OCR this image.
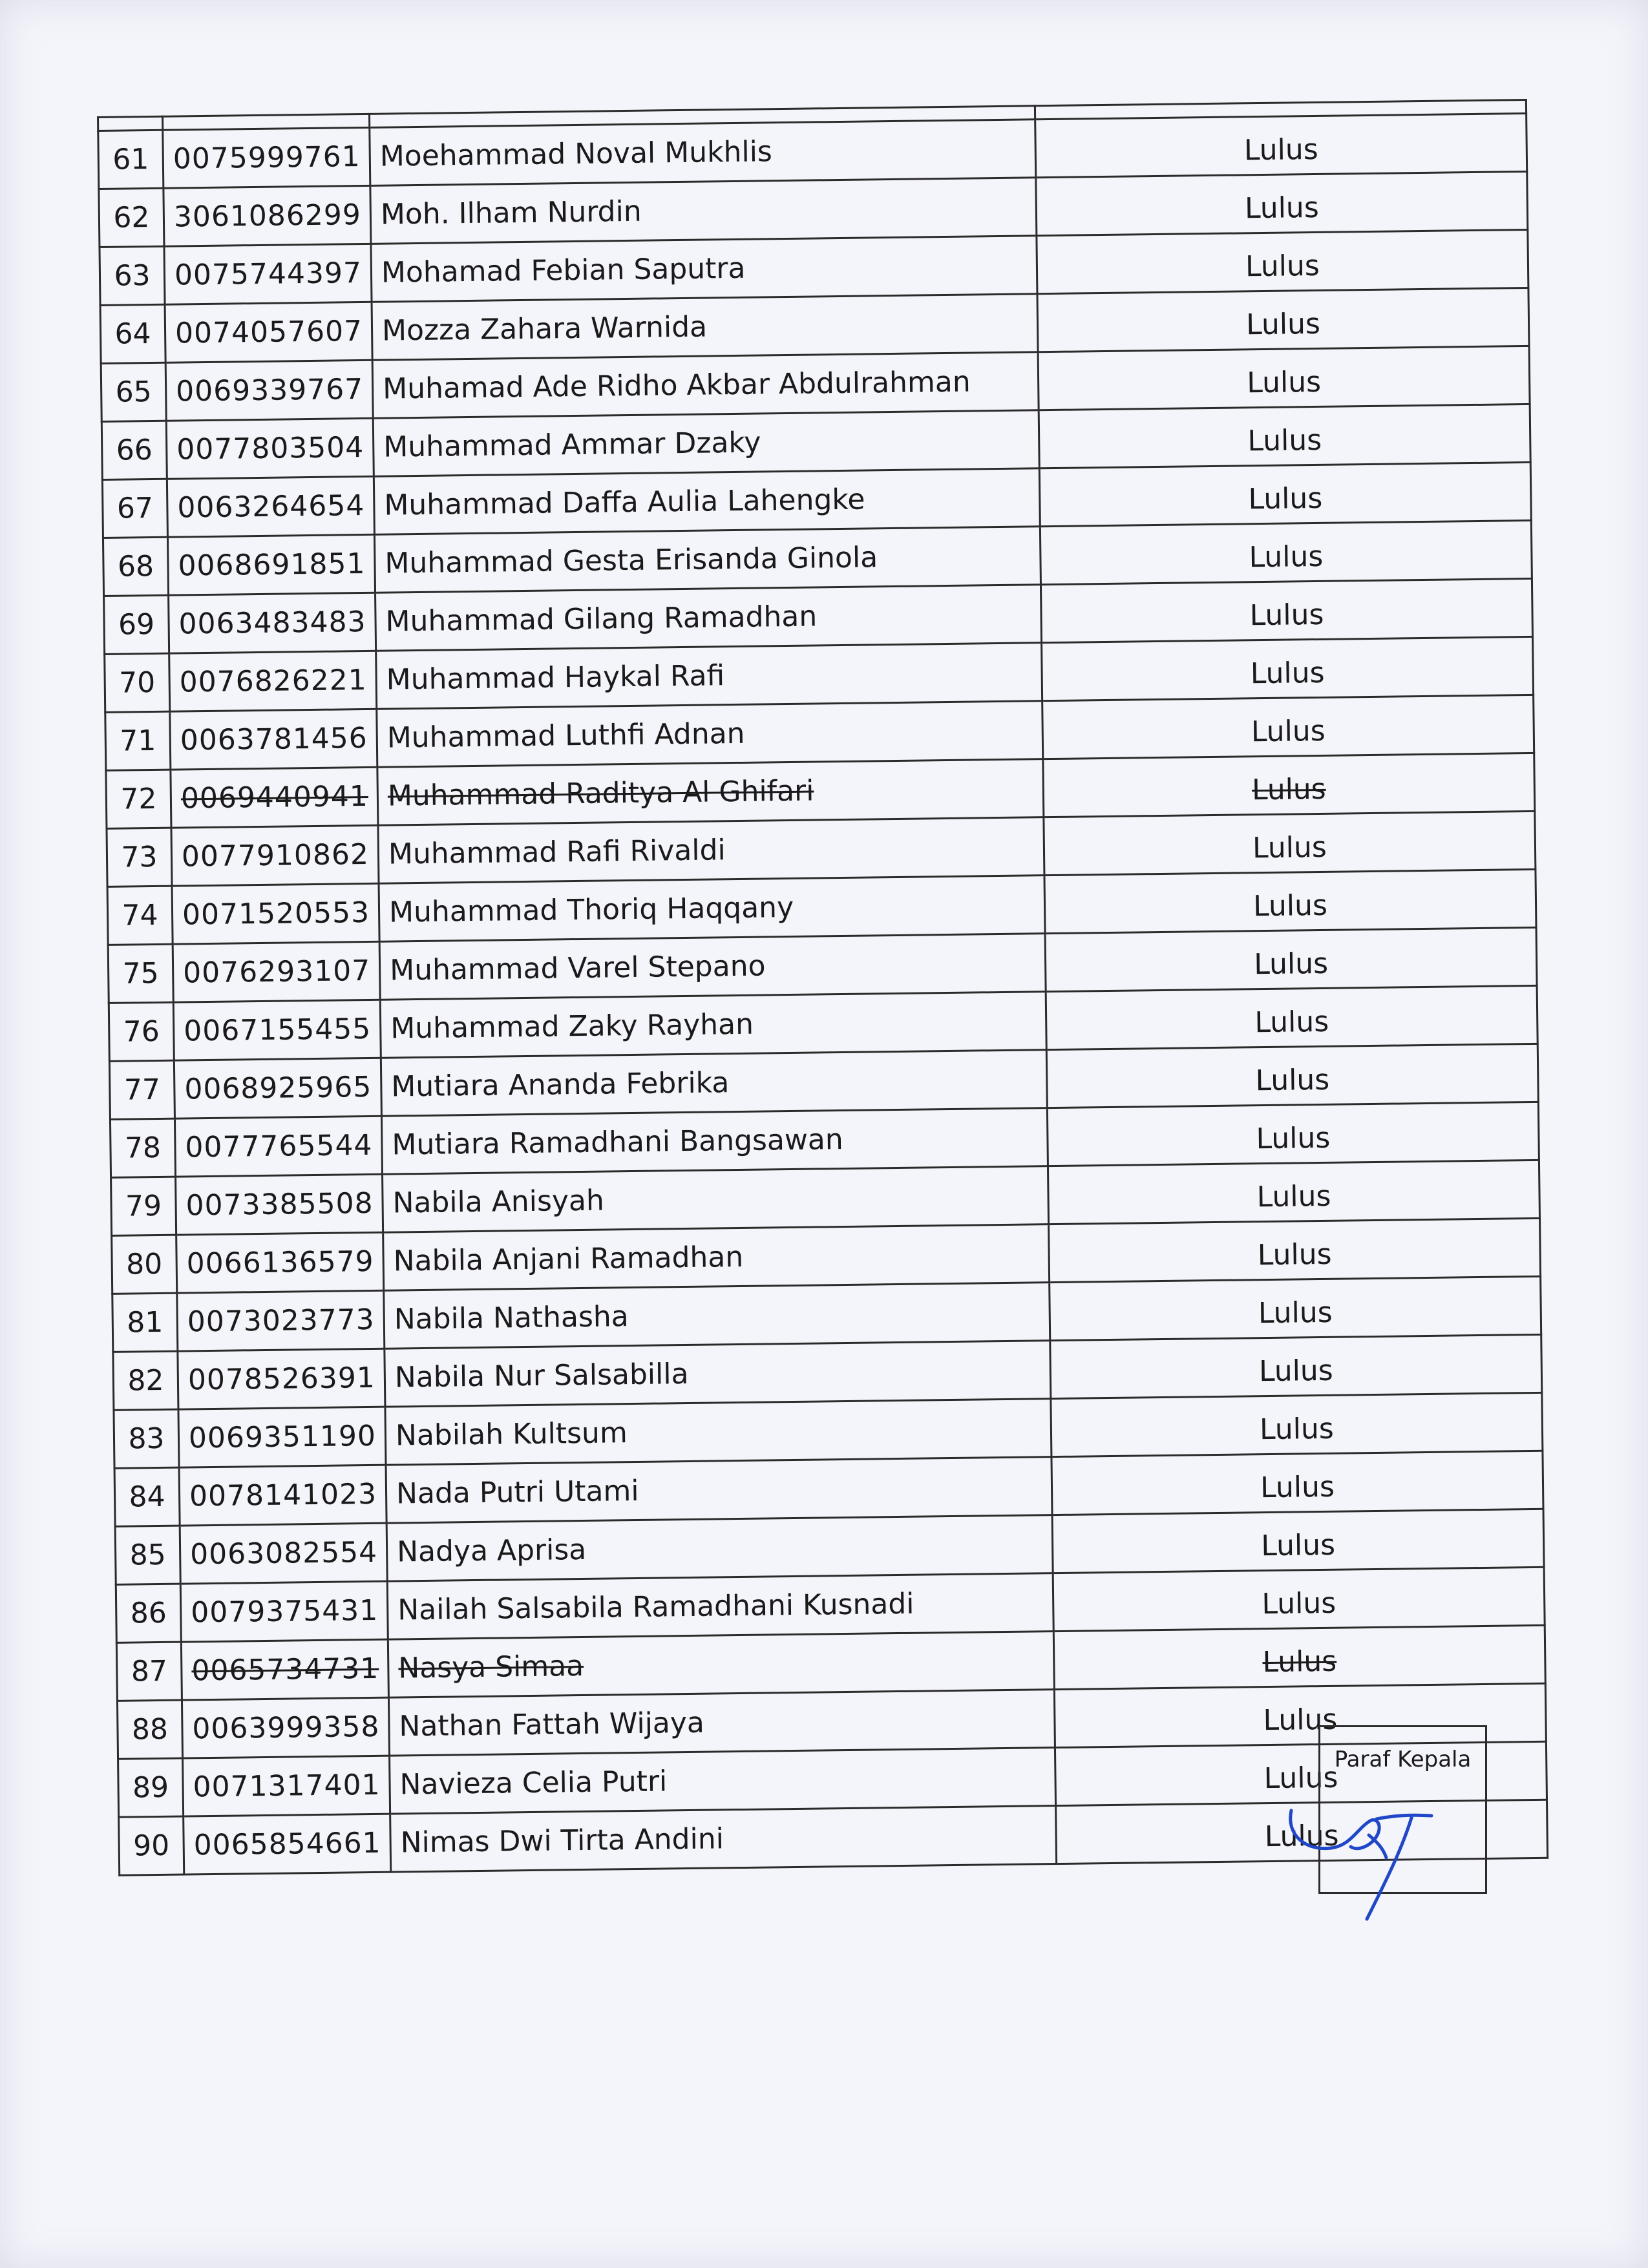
61	0075999761	Moehammad Noval Mukhlis	Lulus
62	3061086299	Moh. Ilham Nurdin	Lulus
63	0075744397	Mohamad Febian Saputra	Lulus
64	0074057607	Mozza Zahara Warnida	Lulus
65	0069339767	Muhamad Ade Ridho Akbar Abdulrahman	Lulus
66	0077803504	Muhammad Ammar Dzaky	Lulus
67	0063264654	Muhammad Daffa Aulia Lahengke	Lulus
68	0068691851	Muhammad Gesta Erisanda Ginola	Lulus
69	0063483483	Muhammad Gilang Ramadhan	Lulus
70	0076826221	Muhammad Haykal Rafi	Lulus
71	0063781456	Muhammad Luthfi Adnan	Lulus
72	0069440941	Muhammad Raditya Al Ghifari	Lulus
73	0077910862	Muhammad Rafi Rivaldi	Lulus
74	0071520553	Muhammad Thoriq Haqqany	Lulus
75	0076293107	Muhammad Varel Stepano	Lulus
76	0067155455	Muhammad Zaky Rayhan	Lulus
77	0068925965	Mutiara Ananda Febrika	Lulus
78	0077765544	Mutiara Ramadhani Bangsawan	Lulus
79	0073385508	Nabila Anisyah	Lulus
80	0066136579	Nabila Anjani Ramadhan	Lulus
81	0073023773	Nabila Nathasha	Lulus
82	0078526391	Nabila Nur Salsabilla	Lulus
83	0069351190	Nabilah Kultsum	Lulus
84	0078141023	Nada Putri Utami	Lulus
85	0063082554	Nadya Aprisa	Lulus
86	0079375431	Nailah Salsabila Ramadhani Kusnadi	Lulus
87	0065734731	Nasya Simaa	Lulus
88	0063999358	Nathan Fattah Wijaya	Lulus
89	0071317401	Navieza Celia Putri	Lulus
90	0065854661	Nimas Dwi Tirta Andini	Lulus
Paraf Kepala
